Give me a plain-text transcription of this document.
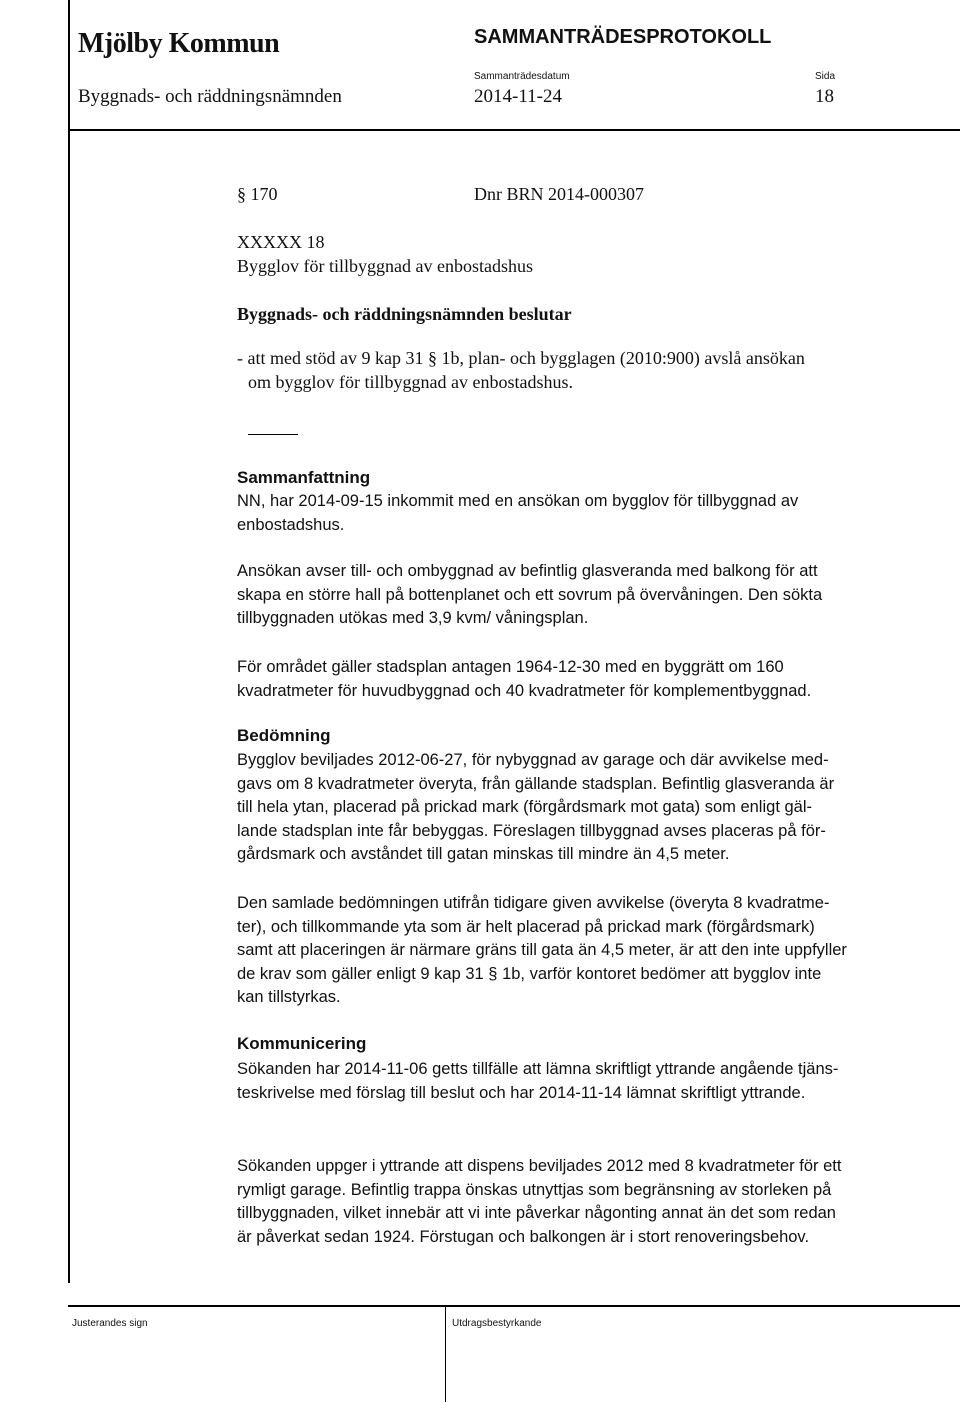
Mjölby Kommun	SAMMANTRÄDESPROTOKOLL
Sammanträdesdatum	Sida
Byggnads- och räddningsnämnden	2014-11-24	18
§ 170	Dnr BRN 2014-000307
XXXXX 18
Bygglov för tillbyggnad av enbostadshus
Byggnads- och räddningsnämnden beslutar
- att med stöd av 9 kap 31 § 1b, plan- och bygglagen (2010:900) avslå ansökan
om bygglov för tillbyggnad av enbostadshus.
Sammanfattning
NN, har 2014-09-15 inkommit med en ansökan om bygglov för tillbyggnad av
enbostadshus.
Ansökan avser till- och ombyggnad av befintlig glasveranda med balkong för att
skapa en större hall på bottenplanet och ett sovrum på övervåningen. Den sökta
tillbyggnaden utökas med 3,9 kvm/ våningsplan.
För området gäller stadsplan antagen 1964-12-30 med en byggrätt om 160
kvadratmeter för huvudbyggnad och 40 kvadratmeter för komplementbyggnad.
Bedömning
Bygglov beviljades 2012-06-27, för nybyggnad av garage och där avvikelse med-
gavs om 8 kvadratmeter överyta, från gällande stadsplan. Befintlig glasveranda är
till hela ytan, placerad på prickad mark (förgårdsmark mot gata) som enligt gäl-
lande stadsplan inte får bebyggas. Föreslagen tillbyggnad avses placeras på för-
gårdsmark och avståndet till gatan minskas till mindre än 4,5 meter.
Den samlade bedömningen utifrån tidigare given avvikelse (överyta 8 kvadratme-
ter), och tillkommande yta som är helt placerad på prickad mark (förgårdsmark)
samt att placeringen är närmare gräns till gata än 4,5 meter, är att den inte uppfyller
de krav som gäller enligt 9 kap 31 § 1b, varför kontoret bedömer att bygglov inte
kan tillstyrkas.
Kommunicering
Sökanden har 2014-11-06 getts tillfälle att lämna skriftligt yttrande angående tjäns-
teskrivelse med förslag till beslut och har 2014-11-14 lämnat skriftligt yttrande.
Sökanden uppger i yttrande att dispens beviljades 2012 med 8 kvadratmeter för ett
rymligt garage. Befintlig trappa önskas utnyttjas som begränsning av storleken på
tillbyggnaden, vilket innebär att vi inte påverkar någonting annat än det som redan
är påverkat sedan 1924. Förstugan och balkongen är i stort renoveringsbehov.
Justerandes sign	Utdragsbestyrkande
